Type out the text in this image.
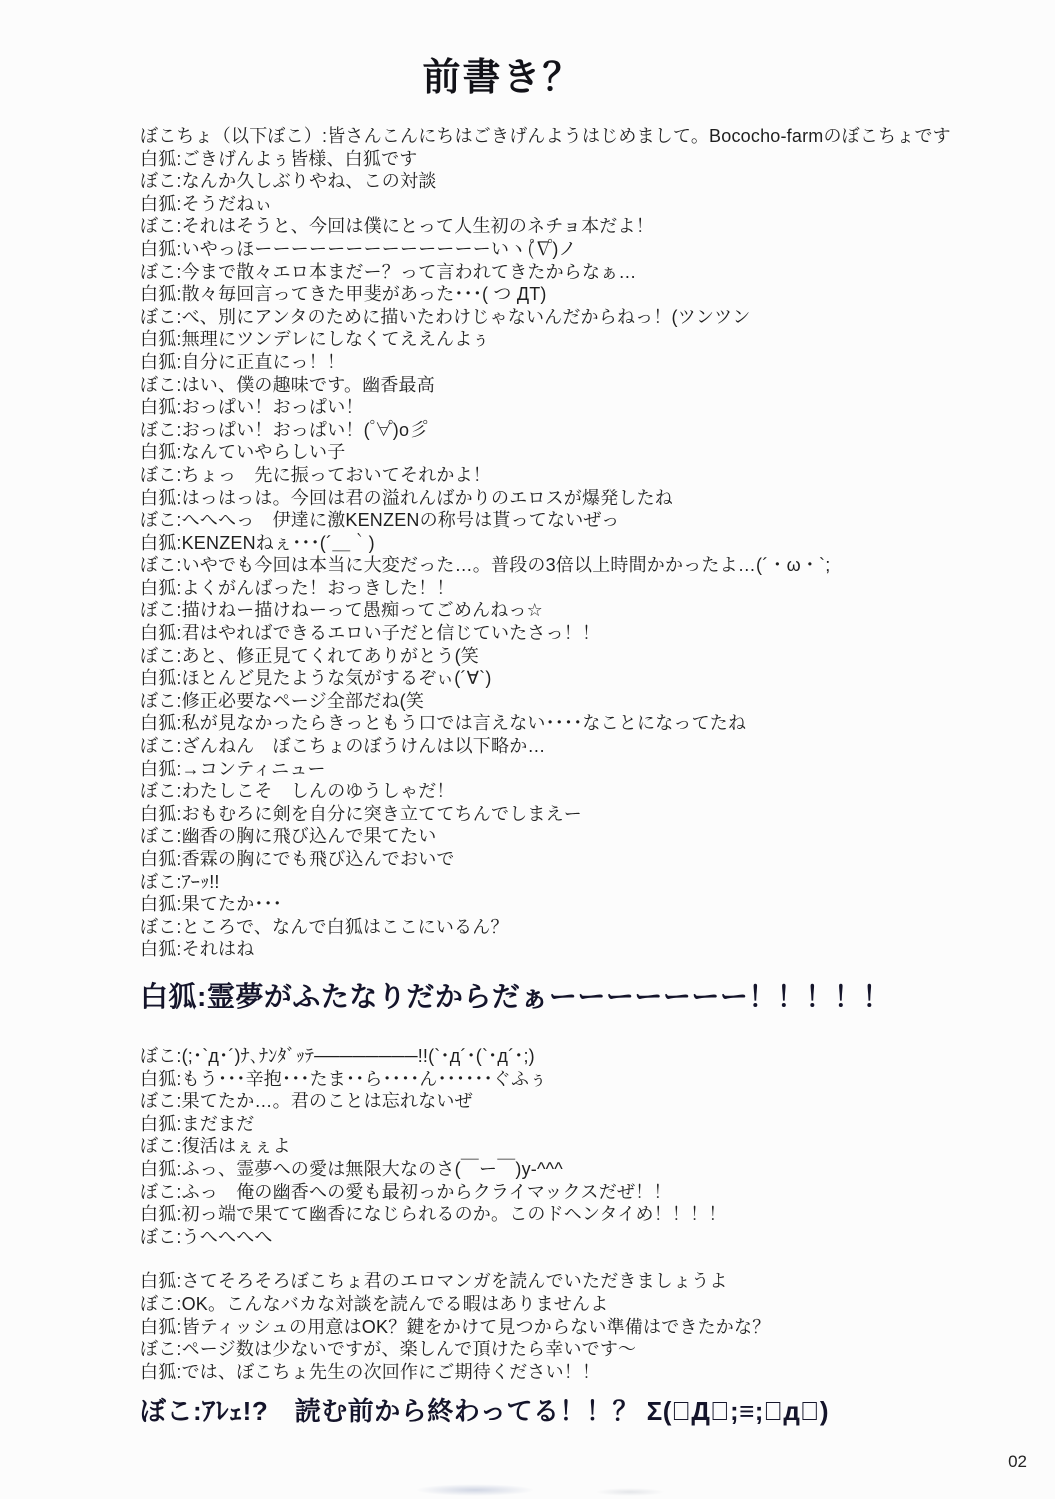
前書き？
ぼこちょ（以下ぼこ）:皆さんこんにちはごきげんようはじめまして。Bococho-farmのぼこちょです
白狐:ごきげんよぅ皆様、白狐です
ぼこ:なんか久しぶりやね、この対談
白狐:そうだねぃ
ぼこ:それはそうと、今回は僕にとって人生初のネチョ本だよ！
白狐:いやっほーーーーーーーーーーーーーいヽ(゚∇゚)ノ
ぼこ:今まで散々エロ本まだー？って言われてきたからなぁ…
白狐:散々毎回言ってきた甲斐があった･･･( つ ДT)
ぼこ:べ、別にアンタのために描いたわけじゃないんだからねっ！(ツンツン
白狐:無理にツンデレにしなくてええんよぅ
白狐:自分に正直にっ！！
ぼこ:はい、僕の趣味です。幽香最高
白狐:おっぱい！おっぱい！
ぼこ:おっぱい！おっぱい！( ゚∀゚)o彡゚
白狐:なんていやらしい子
ぼこ:ちょっ　先に振っておいてそれかよ！
白狐:はっはっは。今回は君の溢れんばかりのエロスが爆発したね
ぼこ:へへへっ　伊達に激KENZENの称号は貰ってないぜっ
白狐:KENZENねぇ･･･(´＿｀)
ぼこ:いやでも今回は本当に大変だった…。普段の3倍以上時間かかったよ…(´・ω・`;
白狐:よくがんばった！おっきした！！
ぼこ:描けねー描けねーって愚痴ってごめんねっ☆
白狐:君はやればできるエロい子だと信じていたさっ！！
ぼこ:あと、修正見てくれてありがとう(笑
白狐:ほとんど見たような気がするぞぃ(´∀`)
ぼこ:修正必要なページ全部だね(笑
白狐:私が見なかったらきっともう口では言えない････なことになってたね
ぼこ:ざんねん　ぼこちょのぼうけんは以下略か…
白狐:→コンティニュー
ぼこ:わたしこそ　しんのゆうしゃだ！
白狐:おもむろに剣を自分に突き立ててちんでしまえー
ぼこ:幽香の胸に飛び込んで果てたい
白狐:香霖の胸にでも飛び込んでおいで
ぼこ:ｱｰｯ!!
白狐:果てたか･･･
ぼこ:ところで、なんで白狐はここにいるん？
白狐:それはね
白狐:霊夢がふたなりだからだぁーーーーーーー！！！！！
ぼこ:(;･`д･´)ﾅ､ﾅﾝﾀﾞｯﾃ────────!!(`･д´･(`･д´･;)
白狐:もう･･･辛抱･･･たま･･ら････ん･･････ぐふぅ
ぼこ:果てたか…。君のことは忘れないぜ
白狐:まだまだ
ぼこ:復活はぇぇよ
白狐:ふっ、霊夢への愛は無限大なのさ(￣ー￣)y-^^^
ぼこ:ふっ　俺の幽香への愛も最初っからクライマックスだぜ！！
白狐:初っ端で果てて幽香になじられるのか。このドヘンタイめ！！！！
ぼこ:うへへへへ
白狐:さてそろそろぼこちょ君のエロマンガを読んでいただきましょうよ
ぼこ:OK。こんなバカな対談を読んでる暇はありませんよ
白狐:皆ティッシュの用意はOK？鍵をかけて見つからない準備はできたかな？
ぼこ:ページ数は少ないですが、楽しんで頂けたら幸いです～
白狐:では、ぼこちょ先生の次回作にご期待ください！！
ぼこ:ｱﾚｪ!?　読む前から終わってる！！？ Σ(゚Д゚;≡;゚д゚)
02
